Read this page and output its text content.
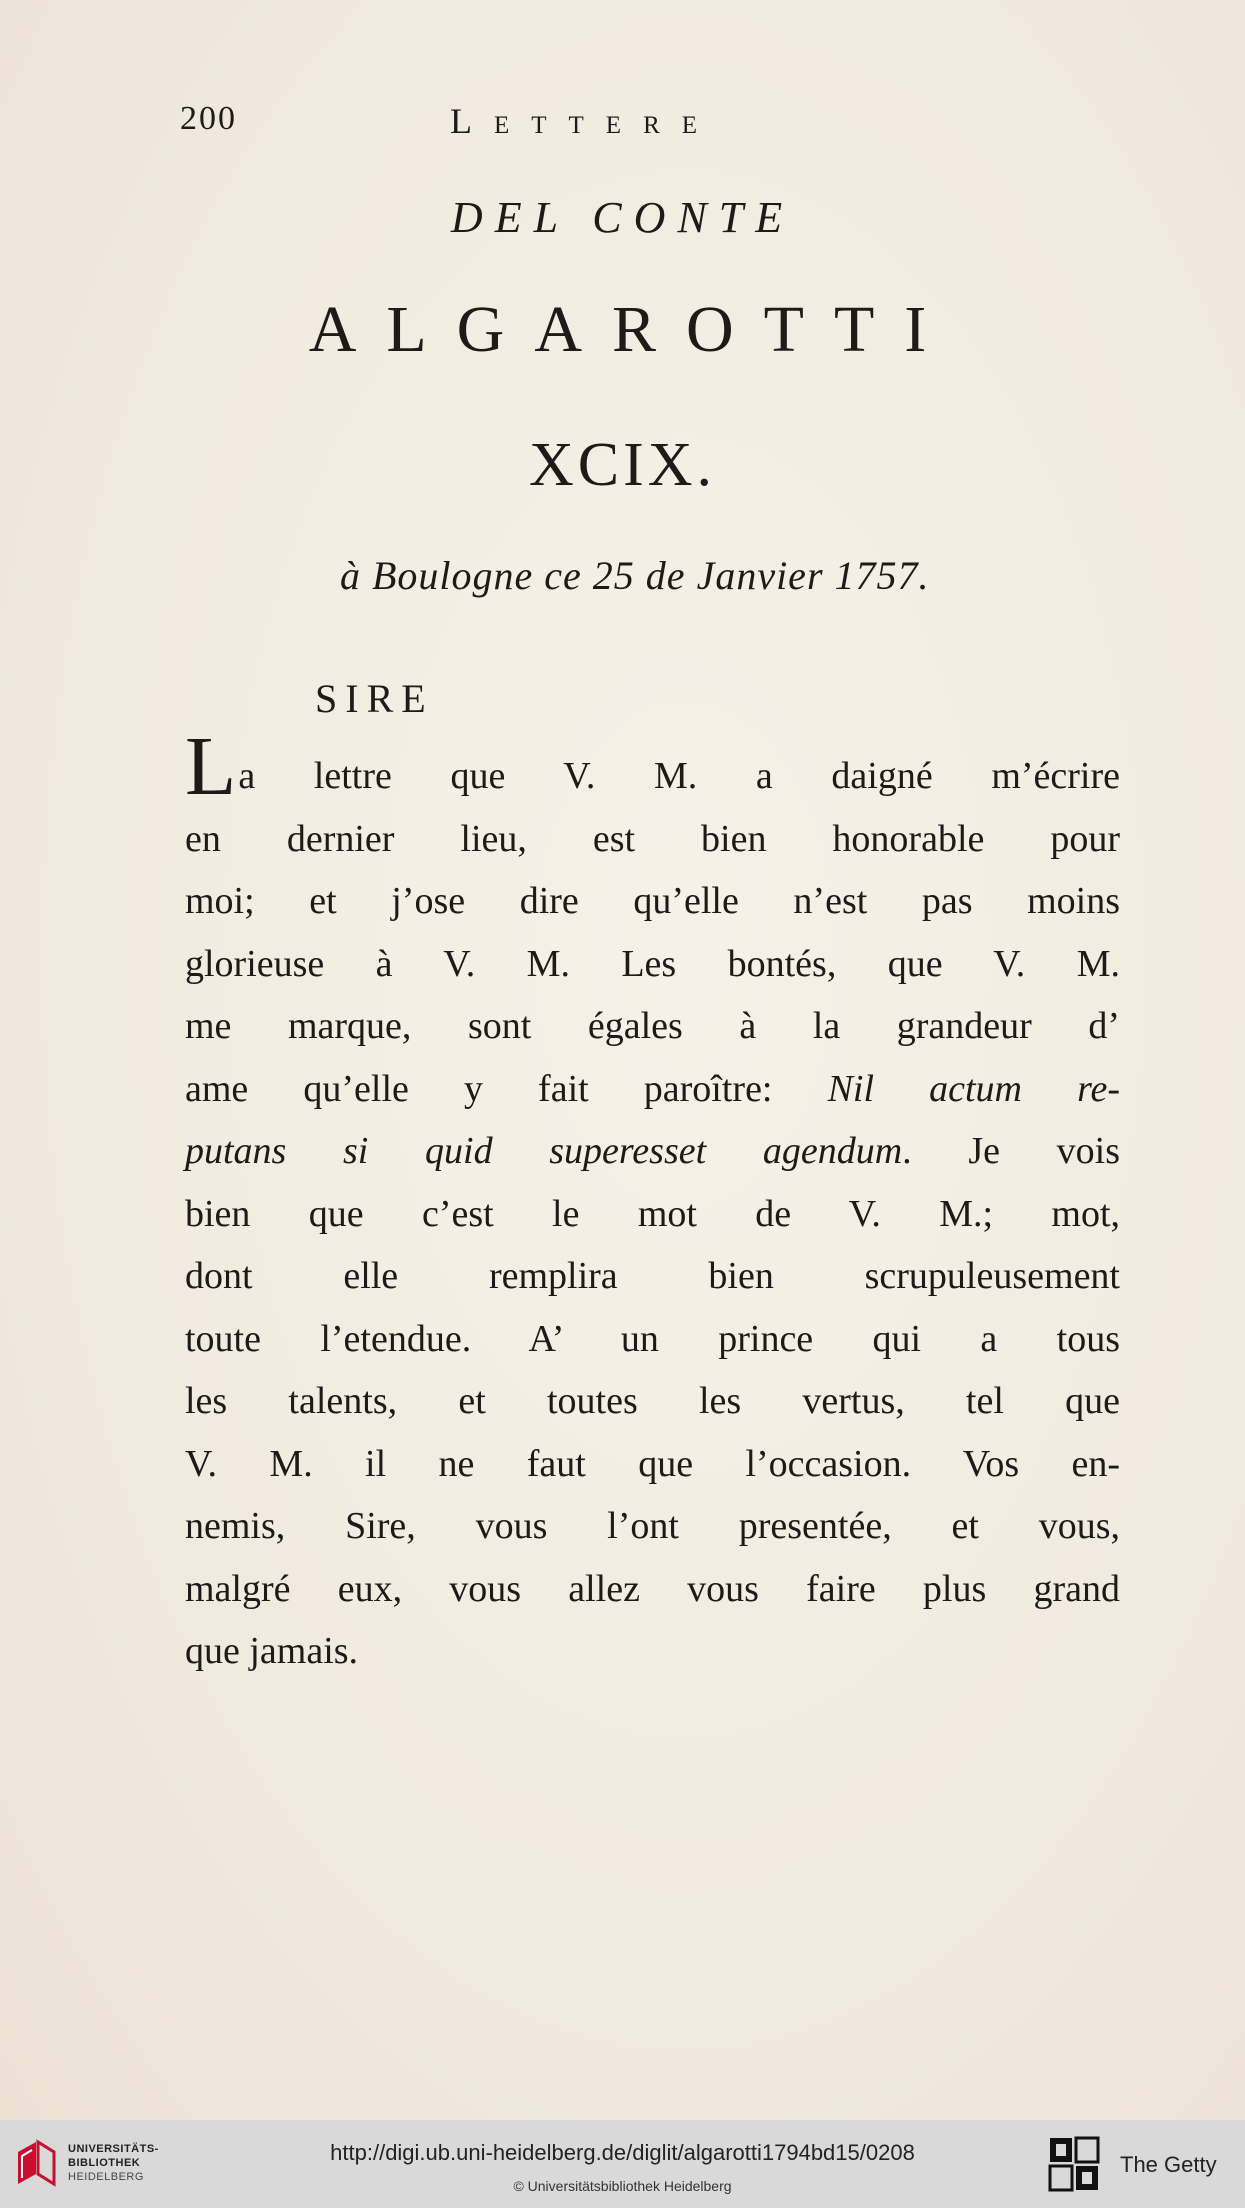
200	Lettere
DEL CONTE
ALGAROTTI
XCIX.
à Boulogne ce 25 de Janvier 1757.
SIRE
La lettre que V. M. a daigné m’écrire
en dernier lieu, est bien honorable pour
moi; et j’ose dire qu’elle n’est pas moins
glorieuse à V. M. Les bontés, que V. M.
me marque, sont égales à la grandeur d’
ame qu’elle y fait paroître: Nil actum re-
putans si quid superesset agendum. Je vois
bien que c’est le mot de V. M.; mot,
dont elle remplira bien scrupuleusement
toute l’etendue. A’ un prince qui a tous
les talents, et toutes les vertus, tel que
V. M. il ne faut que l’occasion. Vos en-
nemis, Sire, vous l’ont presentée, et vous,
malgré eux, vous allez vous faire plus grand
que jamais.
UNIVERSITÄTS-
BIBLIOTHEK
HEIDELBERG
http://digi.ub.uni-heidelberg.de/diglit/algarotti1794bd15/0208
© Universitätsbibliothek Heidelberg
The Getty
